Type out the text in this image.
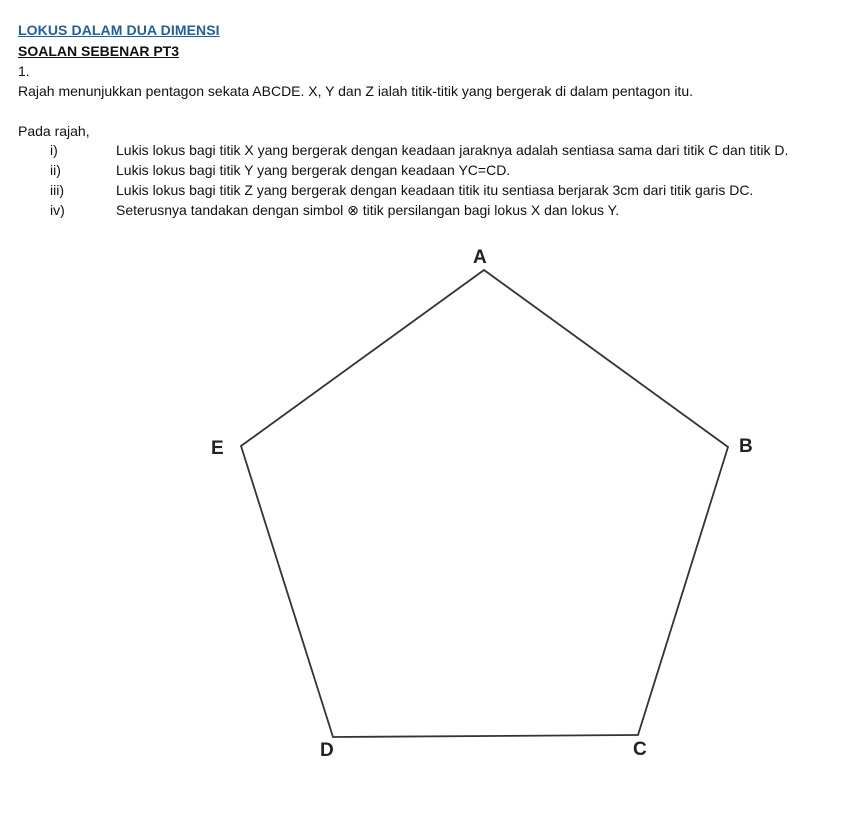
LOKUS DALAM DUA DIMENSI
SOALAN SEBENAR PT3
1.
Rajah menunjukkan pentagon sekata ABCDE. X, Y dan Z ialah titik-titik yang bergerak di dalam pentagon itu.
Pada rajah,
i)	Lukis lokus bagi titik X yang bergerak dengan keadaan jaraknya adalah sentiasa sama dari titik C dan titik D.
ii)	Lukis lokus bagi titik Y yang bergerak dengan keadaan YC=CD.
iii)	Lukis lokus bagi titik Z yang bergerak dengan keadaan titik itu sentiasa berjarak 3cm dari titik garis DC.
iv)	Seterusnya tandakan dengan simbol ⊗ titik persilangan bagi lokus X dan lokus Y.
A
B
C
D
E
